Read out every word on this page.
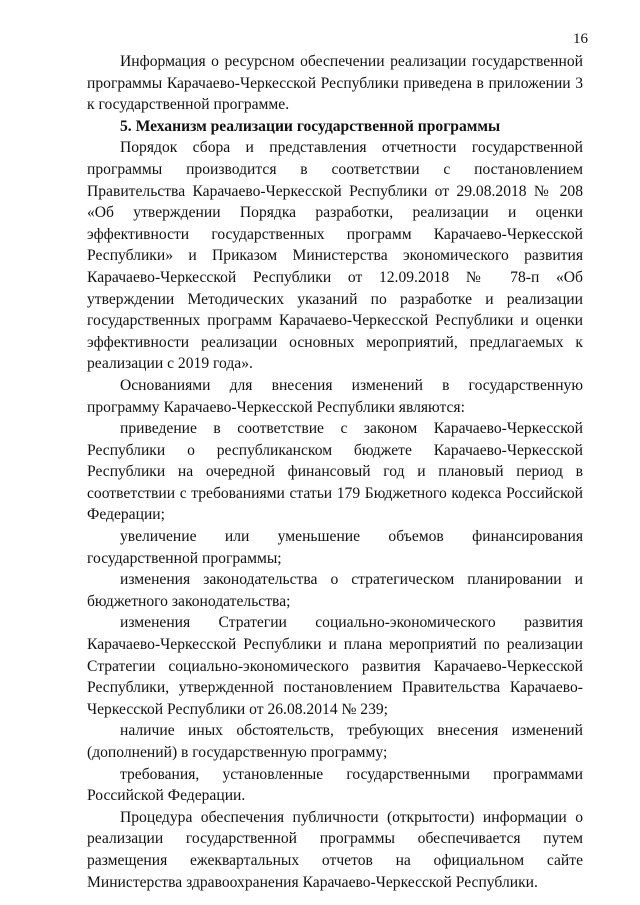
16

Информация о ресурсном обеспечении реализации государственной программы Карачаево-Черкесской Республики приведена в приложении 3 к государственной программе.

5. Механизм реализации государственной программы

Порядок сбора и представления отчетности государственной программы производится в соответствии с постановлением Правительства Карачаево-Черкесской Республики от 29.08.2018 № 208 «Об утверждении Порядка разработки, реализации и оценки эффективности государственных программ Карачаево-Черкесской Республики» и Приказом Министерства экономического развития Карачаево-Черкесской Республики от 12.09.2018 № 78-п «Об утверждении Методических указаний по разработке и реализации государственных программ Карачаево-Черкесской Республики и оценки эффективности реализации основных мероприятий, предлагаемых к реализации с 2019 года».

Основаниями для внесения изменений в государственную программу Карачаево-Черкесской Республики являются:

приведение в соответствие с законом Карачаево-Черкесской Республики о республиканском бюджете Карачаево-Черкесской Республики на очередной финансовый год и плановый период в соответствии с требованиями статьи 179 Бюджетного кодекса Российской Федерации;

увеличение или уменьшение объемов финансирования государственной программы;

изменения законодательства о стратегическом планировании и бюджетного законодательства;

изменения Стратегии социально-экономического развития Карачаево-Черкесской Республики и плана мероприятий по реализации Стратегии социально-экономического развития Карачаево-Черкесской Республики, утвержденной постановлением Правительства Карачаево-Черкесской Республики от 26.08.2014 № 239;

наличие иных обстоятельств, требующих внесения изменений (дополнений) в государственную программу;

требования, установленные государственными программами Российской Федерации.

Процедура обеспечения публичности (открытости) информации о реализации государственной программы обеспечивается путем размещения ежеквартальных отчетов на официальном сайте Министерства здравоохранения Карачаево-Черкесской Республики.
